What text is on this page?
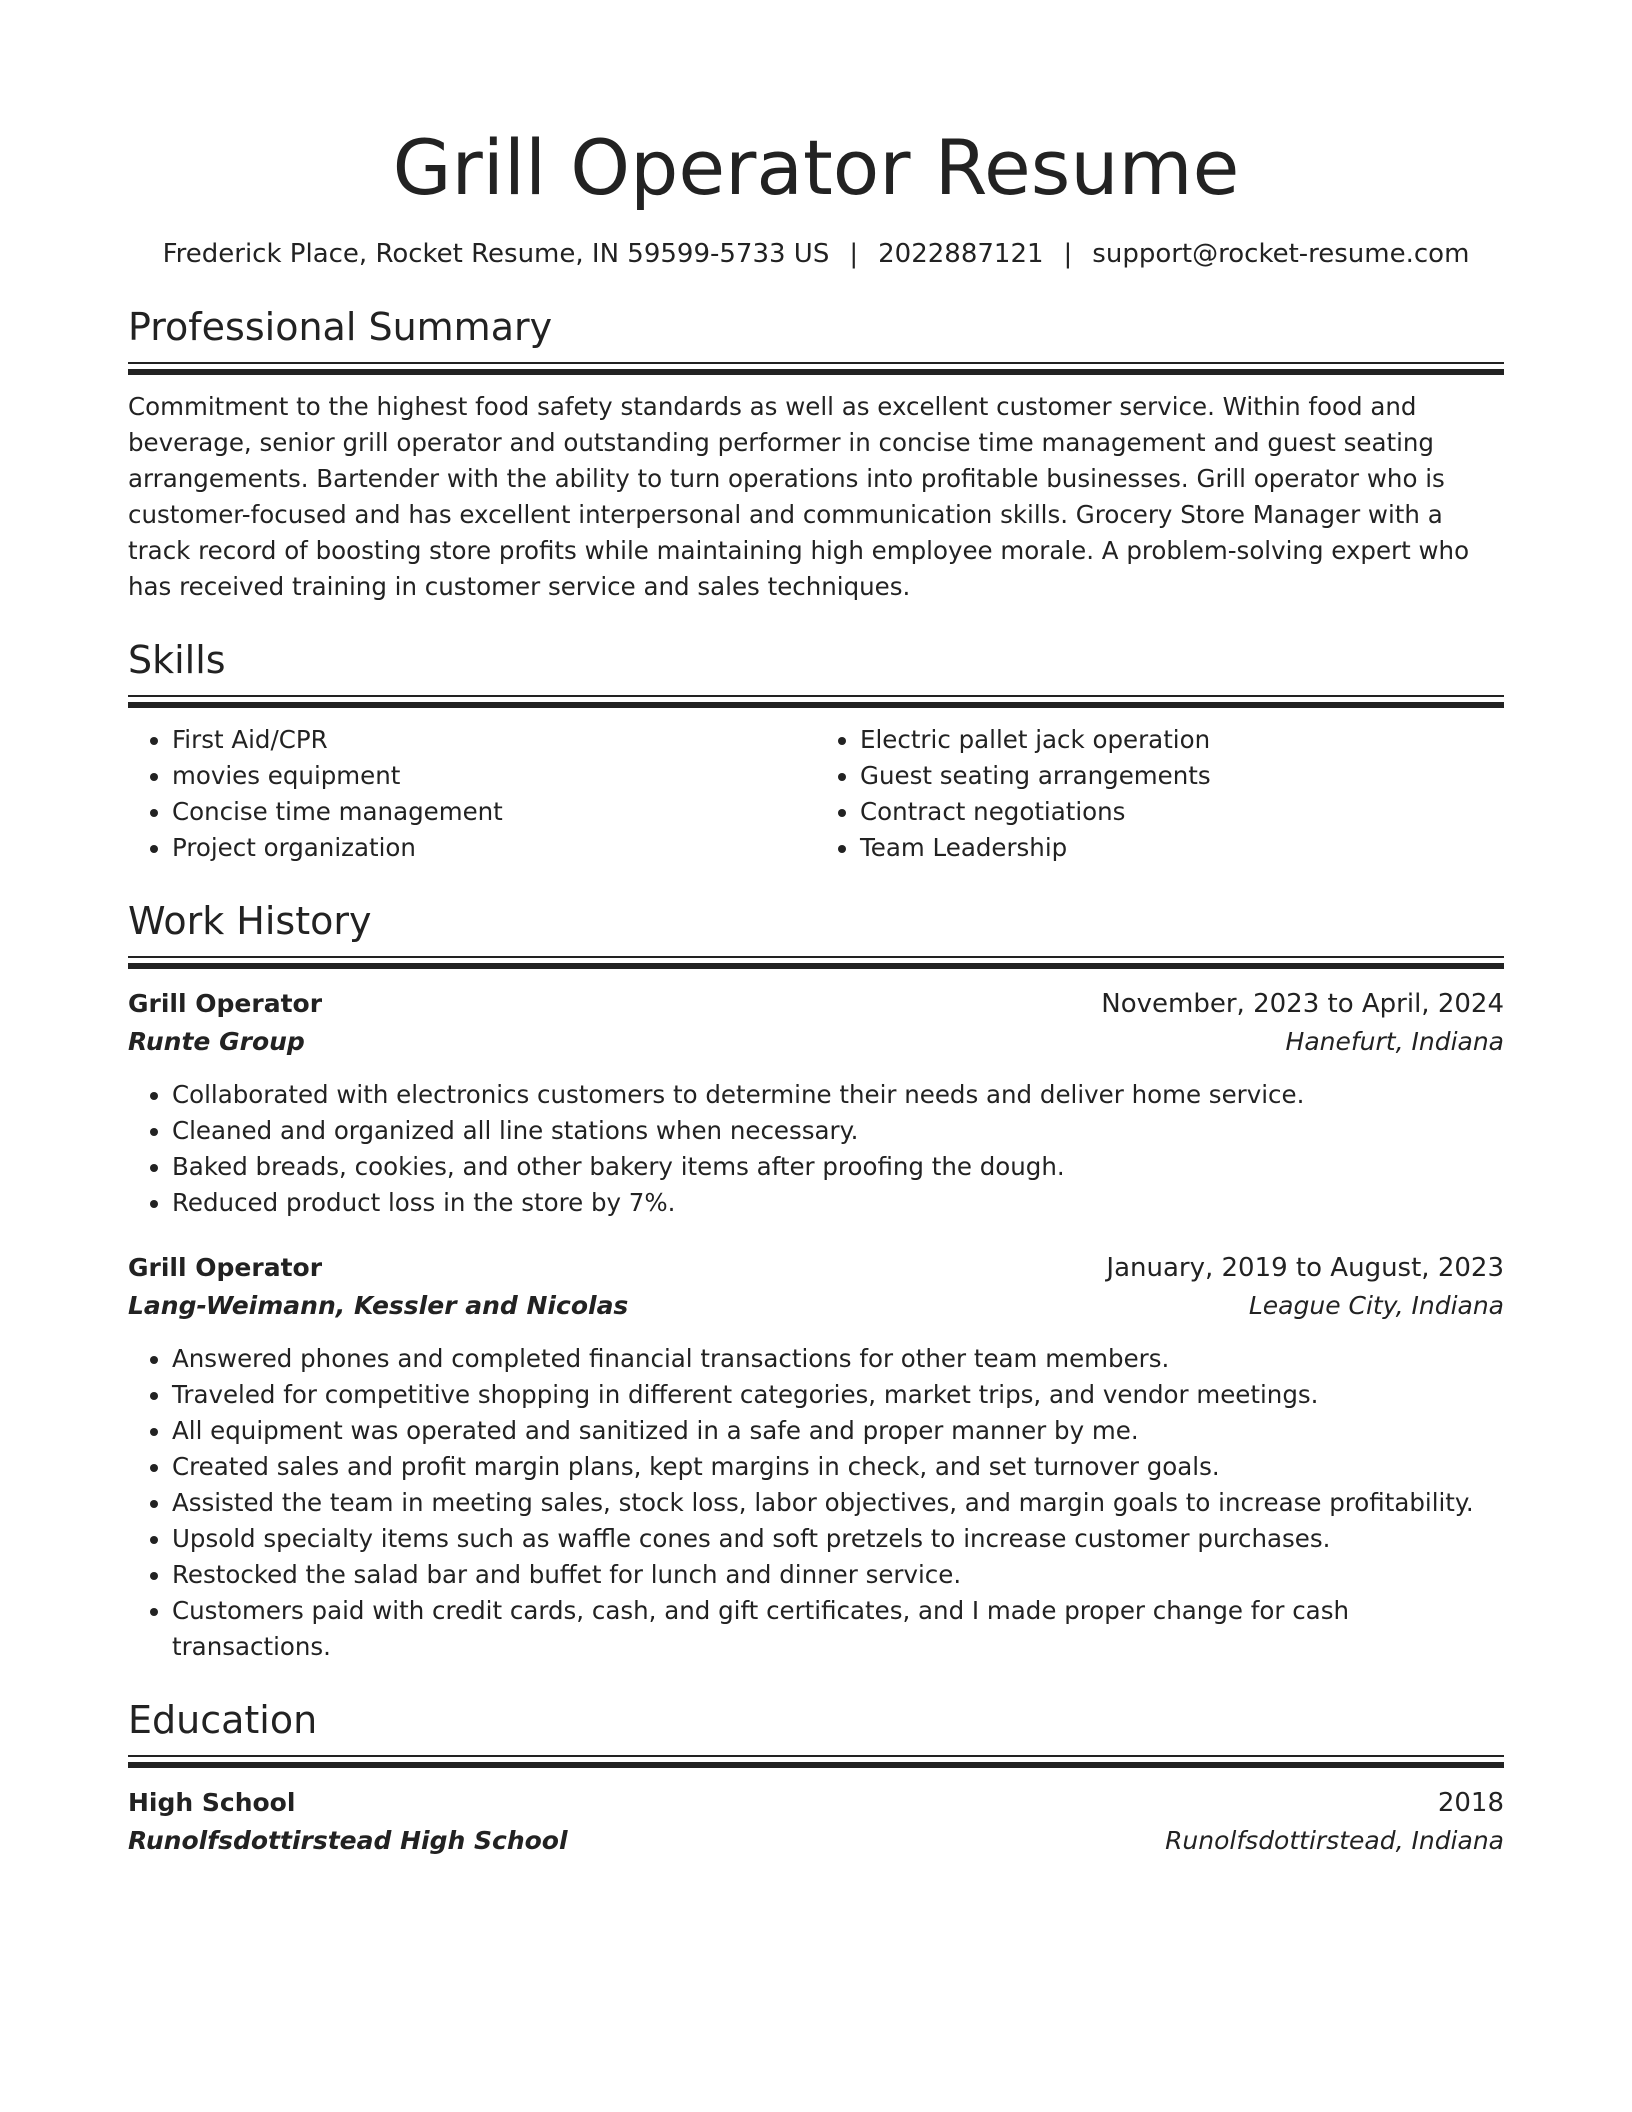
Grill Operator Resume
Frederick Place, Rocket Resume, IN 59599-5733 US | 2022887121 | support@rocket-resume.com
Professional Summary
Commitment to the highest food safety standards as well as excellent customer service. Within food and beverage, senior grill operator and outstanding performer in concise time management and guest seating arrangements. Bartender with the ability to turn operations into profitable businesses. Grill operator who is customer-focused and has excellent interpersonal and communication skills. Grocery Store Manager with a track record of boosting store profits while maintaining high employee morale. A problem-solving expert who has received training in customer service and sales techniques.
Skills
• First Aid/CPR
• movies equipment
• Concise time management
• Project organization
• Electric pallet jack operation
• Guest seating arrangements
• Contract negotiations
• Team Leadership
Work History
Grill Operator	November, 2023 to April, 2024
Runte Group	Hanefurt, Indiana
• Collaborated with electronics customers to determine their needs and deliver home service.
• Cleaned and organized all line stations when necessary.
• Baked breads, cookies, and other bakery items after proofing the dough.
• Reduced product loss in the store by 7%.
Grill Operator	January, 2019 to August, 2023
Lang-Weimann, Kessler and Nicolas	League City, Indiana
• Answered phones and completed financial transactions for other team members.
• Traveled for competitive shopping in different categories, market trips, and vendor meetings.
• All equipment was operated and sanitized in a safe and proper manner by me.
• Created sales and profit margin plans, kept margins in check, and set turnover goals.
• Assisted the team in meeting sales, stock loss, labor objectives, and margin goals to increase profitability.
• Upsold specialty items such as waffle cones and soft pretzels to increase customer purchases.
• Restocked the salad bar and buffet for lunch and dinner service.
• Customers paid with credit cards, cash, and gift certificates, and I made proper change for cash transactions.
Education
High School	2018
Runolfsdottirstead High School	Runolfsdottirstead, Indiana
